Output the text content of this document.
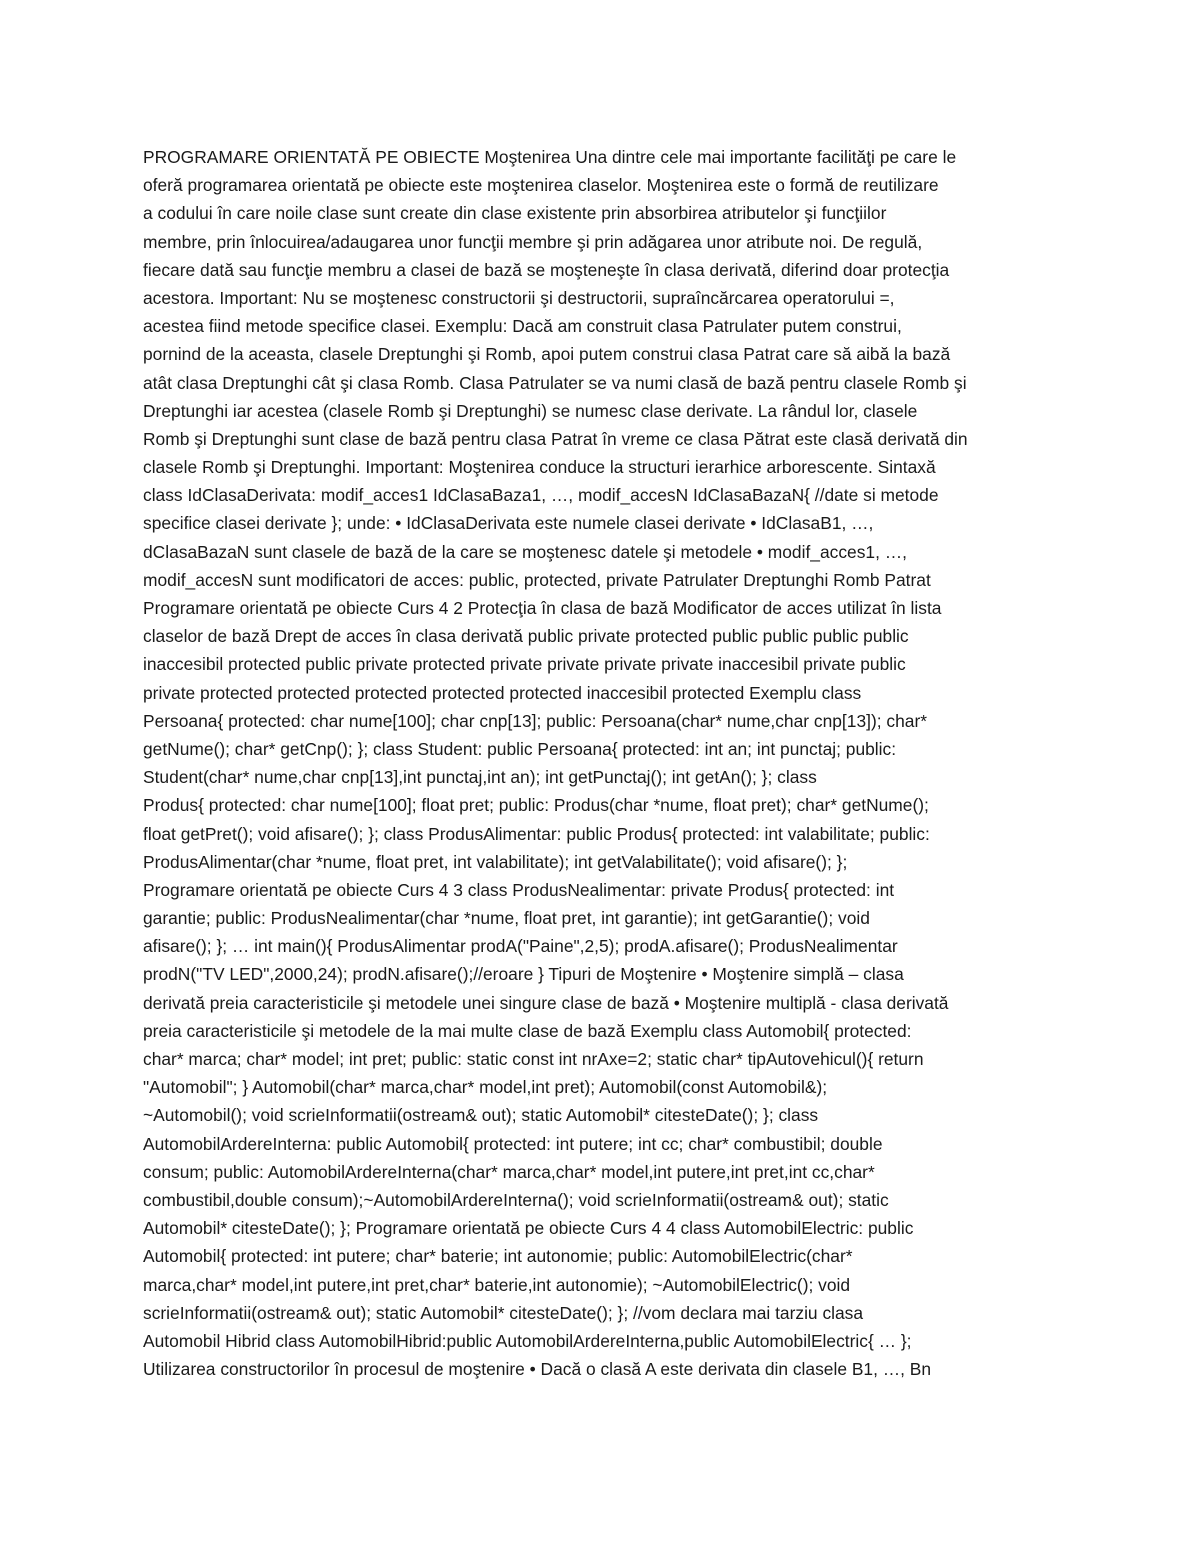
PROGRAMARE ORIENTATĂ PE OBIECTE Moştenirea Una dintre cele mai importante facilităţi pe care le
oferă programarea orientată pe obiecte este moştenirea claselor. Moştenirea este o formă de reutilizare
a codului în care noile clase sunt create din clase existente prin absorbirea atributelor şi funcţiilor
membre, prin înlocuirea/adaugarea unor funcţii membre şi prin adăgarea unor atribute noi. De regulă,
fiecare dată sau funcţie membru a clasei de bază se moşteneşte în clasa derivată, diferind doar protecţia
acestora. Important: Nu se moştenesc constructorii şi destructorii, supraîncărcarea operatorului =,
acestea fiind metode specifice clasei. Exemplu: Dacă am construit clasa Patrulater putem construi,
pornind de la aceasta, clasele Dreptunghi şi Romb, apoi putem construi clasa Patrat care să aibă la bază
atât clasa Dreptunghi cât şi clasa Romb. Clasa Patrulater se va numi clasă de bază pentru clasele Romb şi
Dreptunghi iar acestea (clasele Romb şi Dreptunghi) se numesc clase derivate. La rândul lor, clasele
Romb şi Dreptunghi sunt clase de bază pentru clasa Patrat în vreme ce clasa Pătrat este clasă derivată din
clasele Romb şi Dreptunghi. Important: Moştenirea conduce la structuri ierarhice arborescente. Sintaxă
class IdClasaDerivata: modif_acces1 IdClasaBaza1, …, modif_accesN IdClasaBazaN{ //date si metode
specifice clasei derivate }; unde: • IdClasaDerivata este numele clasei derivate • IdClasaB1, …,
dClasaBazaN sunt clasele de bază de la care se moştenesc datele şi metodele • modif_acces1, …,
modif_accesN sunt modificatori de acces: public, protected, private Patrulater Dreptunghi Romb Patrat
Programare orientată pe obiecte Curs 4 2 Protecţia în clasa de bază Modificator de acces utilizat în lista
claselor de bază Drept de acces în clasa derivată public private protected public public public public
inaccesibil protected public private protected private private private private inaccesibil private public
private protected protected protected protected protected inaccesibil protected Exemplu class
Persoana{ protected: char nume[100]; char cnp[13]; public: Persoana(char* nume,char cnp[13]); char*
getNume(); char* getCnp(); }; class Student: public Persoana{ protected: int an; int punctaj; public:
Student(char* nume,char cnp[13],int punctaj,int an); int getPunctaj(); int getAn(); }; class
Produs{ protected: char nume[100]; float pret; public: Produs(char *nume, float pret); char* getNume();
float getPret(); void afisare(); }; class ProdusAlimentar: public Produs{ protected: int valabilitate; public:
ProdusAlimentar(char *nume, float pret, int valabilitate); int getValabilitate(); void afisare(); };
Programare orientată pe obiecte Curs 4 3 class ProdusNealimentar: private Produs{ protected: int
garantie; public: ProdusNealimentar(char *nume, float pret, int garantie); int getGarantie(); void
afisare(); }; … int main(){ ProdusAlimentar prodA("Paine",2,5); prodA.afisare(); ProdusNealimentar
prodN("TV LED",2000,24); prodN.afisare();//eroare } Tipuri de Moştenire • Moştenire simplă – clasa
derivată preia caracteristicile şi metodele unei singure clase de bază • Moştenire multiplă - clasa derivată
preia caracteristicile şi metodele de la mai multe clase de bază Exemplu class Automobil{ protected:
char* marca; char* model; int pret; public: static const int nrAxe=2; static char* tipAutovehicul(){ return
"Automobil"; } Automobil(char* marca,char* model,int pret); Automobil(const Automobil&);
~Automobil(); void scrieInformatii(ostream& out); static Automobil* citesteDate(); }; class
AutomobilArdereInterna: public Automobil{ protected: int putere; int cc; char* combustibil; double
consum; public: AutomobilArdereInterna(char* marca,char* model,int putere,int pret,int cc,char*
combustibil,double consum);~AutomobilArdereInterna(); void scrieInformatii(ostream& out); static
Automobil* citesteDate(); }; Programare orientată pe obiecte Curs 4 4 class AutomobilElectric: public
Automobil{ protected: int putere; char* baterie; int autonomie; public: AutomobilElectric(char*
marca,char* model,int putere,int pret,char* baterie,int autonomie); ~AutomobilElectric(); void
scrieInformatii(ostream& out); static Automobil* citesteDate(); }; //vom declara mai tarziu clasa
Automobil Hibrid class AutomobilHibrid:public AutomobilArdereInterna,public AutomobilElectric{ … };
Utilizarea constructorilor în procesul de moştenire • Dacă o clasă A este derivata din clasele B1, …, Bn
